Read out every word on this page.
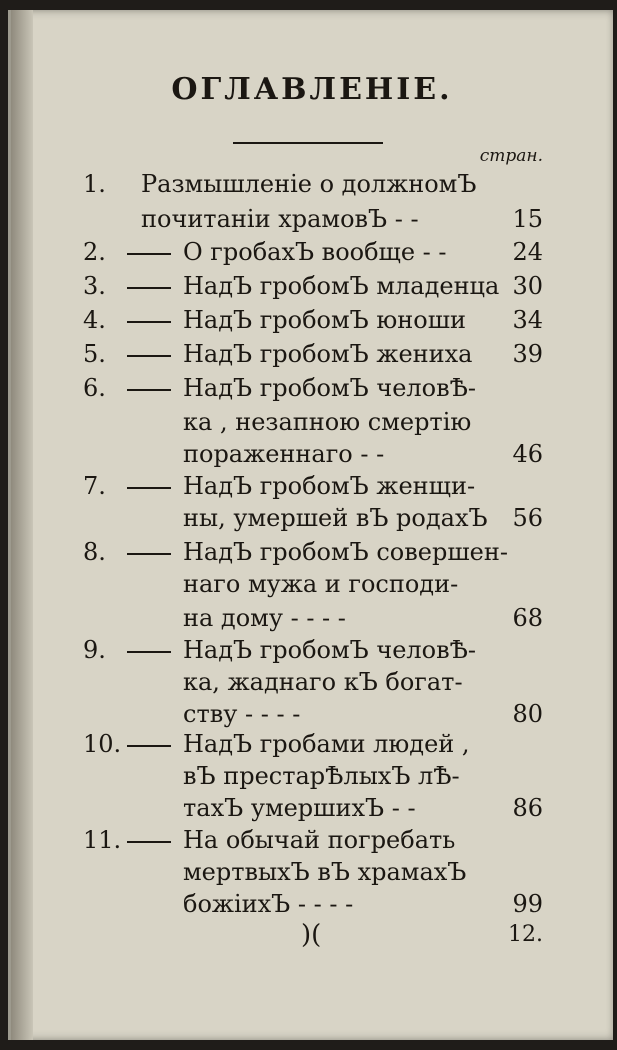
ОГЛАВЛЕНІЕ.
стран.
1. Размышленіе о должномЪ
почитаніи храмовЪ - -	15
2.	О гробахЪ вообще - -	24
3.	НадЪ гробомЪ младенца 30
4.	НадЪ гробомЪ юноши 34
5.	НадЪ гробомЪ жениха 39
6.	НадЪ гробомЪ человѢ-
ка , незапною смертію
пораженнаго - -	46
7.	НадЪ гробомЪ женщи-
ны, умершей вЪ родахЪ 56
8.	НадЪ гробомЪ совершен-
наго мужа и господи-
на дому - - - -	68
9.	НадЪ гробомЪ человѢ-
ка, жаднаго кЪ богат-
ству - - - -	80
10.	НадЪ гробами людей ,
вЪ престарѢлыхЪ лѢ-
тахЪ умершихЪ - -	86
11.	На обычай погребать
мертвыхЪ вЪ храмахЪ
божіихЪ - - - -	99
)(	12.
